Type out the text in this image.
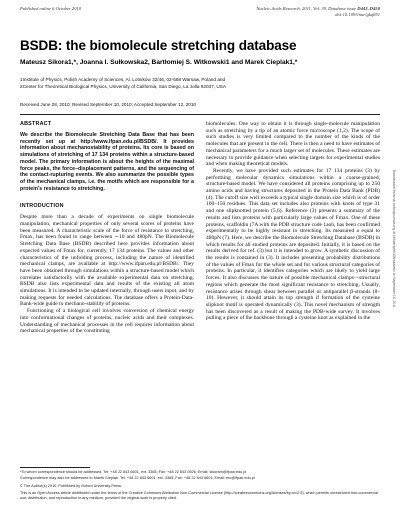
Published online 6 October 2010	Nucleic Acids Research, 2011, Vol. 39, Database issue D443–D450
doi:10.1093/nar/gkq851
BSDB: the biomolecule stretching database
Mateusz Sikora1,*, Joanna I. Sułkowska2, Bartłomiej S. Witkowski1 and Marek Cieplak1,*
1Institute of Physics, Polish Academy of Sciences, Al. Lotników 32/46, 02-668 Warsaw, Poland and
2Center for Theoretical Biological Physics, University of California, San Diego, La Jolla 92037, USA
Received June 28, 2010; Revised September 10, 2010; Accepted September 12, 2010
ABSTRACT

We describe the Biomolecule Stretching Data Base that has been recently set up at http://www.ifpan.edu.pl/BSDB/. It provides information about mechanostability of proteins. Its core is based on simulations of stretching of 17 134 proteins within a structure-based model. The primary information is about the heights of the maximal force peaks, the force–displacement patterns, and the sequencing of the contact-rupturing events. We also summarize the possible types of the mechanical clamps, i.e. the motifs which are responsible for a protein's resistance to stretching.

INTRODUCTION

Despite more than a decade of experiments on single biomolecule manipulation, mechanical properties of only several scores of proteins have been measured. A characteristic scale of the force of resistance to stretching, Fmax, has been found to range between ∼10 and 480pN. The Biomolecule Stretching Data Base (BSDB) described here provides information about expected values of Fmax for, currently, 17 134 proteins. The values and other characteristics of the unfolding process, including the nature of identified mechanical clamps, are available at http://www.ifpan.edu.pl/BSDB/. They have been obtained through simulations within a structure-based model which correlates satisfactorily with the available experimental data on stretching. BSDB also lists experimental data and results of the existing all atom simulations. It is intended to be updated internally, through users input, and by making requests for needed calculations. The database offers a Protein-Data-Bank-wide guide to mechano-stability of proteins.

Functioning of a biological cell involves conversion of chemical energy into conformational changes of proteins, nucleic acids and their complexes. Understanding of mechanical processes in the cell requires information about mechanical properties of the constituting

biomolecules. One way to obtain it is through single-molecule manipulation such as stretching by a tip of an atomic force microscope (1,2). The scope of such studies is very limited compared to the number of the kinds of the molecules that are present in the cell. There is then a need to have estimates of mechanical parameters for a much larger set of molecules. These estimates are necessary to provide guidance when selecting targets for experimental studies and when making theoretical models.

Recently, we have provided such estimates for 17 134 proteins (3) by performing molecular dynamics simulations within a coarse-grained, structure-based model. We have considered all proteins comprising up to 250 amino acids and having structures deposited in the Protein Data Bank (PDB) (4). The cutoff size well exceeds a typical single domain size which is of order 100–150 residues. This data set includes also proteins with knots of type 31 and one slipknotted protein (5,6). Reference (3) presents a summary of the results and lists proteins with particularly large values of Fmax. One of these proteins, scaffoldin (7A with the PDB structure code 1aoh, has been confirmed experimentally to be highly resistant to stretching. Its measured a equal to 480pN (7). Here, we describe the Biomolecule Stretching Database (BSDB) in which results for all studied proteins are deposited. Initially, it is based on the results derived for ref. (3) but it is intended to grow. A synthetic discussion of the results is contained in (3). It includes presenting probability distributions of the values of Fmax for the whole set and for various structural categories of proteins. In particular, it identifies categories which are likely to yield large forces. It also discusses the nature of possible mechanical clamps—structural regions which generate the most significant resistance to stretching. Usually, resistance arises through shear between parallel or antiparallel β-strands (8–10). However, it should attain its top strength if formation of the cysteine slipknot motif is operated dynamically (3). This novel mechanism of strength has been discovered as a result of making the PDB-wide survey. It involves pulling a piece of the backbone through a cysteine knot as explained in the

*To whom correspondence should be addressed. Tel: +48 22 843 6601, ext. 3365; Fax: +48 22 843 0926; Email: sikoram@ifpan.edu.pl
Correspondence may also be addressed to Marek Cieplak. Tel: +48 22 843 6601, ext. 3365; Fax: +48 22 843 6601; Email: mc@ifpan.edu.pl
© The Author(s) 2010. Published by Oxford University Press.
This is an Open Access article distributed under the terms of the Creative Commons Attribution Non-Commercial License (http://creativecommons.org/licenses/by-nc/2.5), which permits unrestricted non-commercial use, distribution, and reproduction in any medium, provided the original work is properly cited.
Downloaded from nar.oxfordjournals.org at Uniwersytet Warszawski on September 16, 2011
